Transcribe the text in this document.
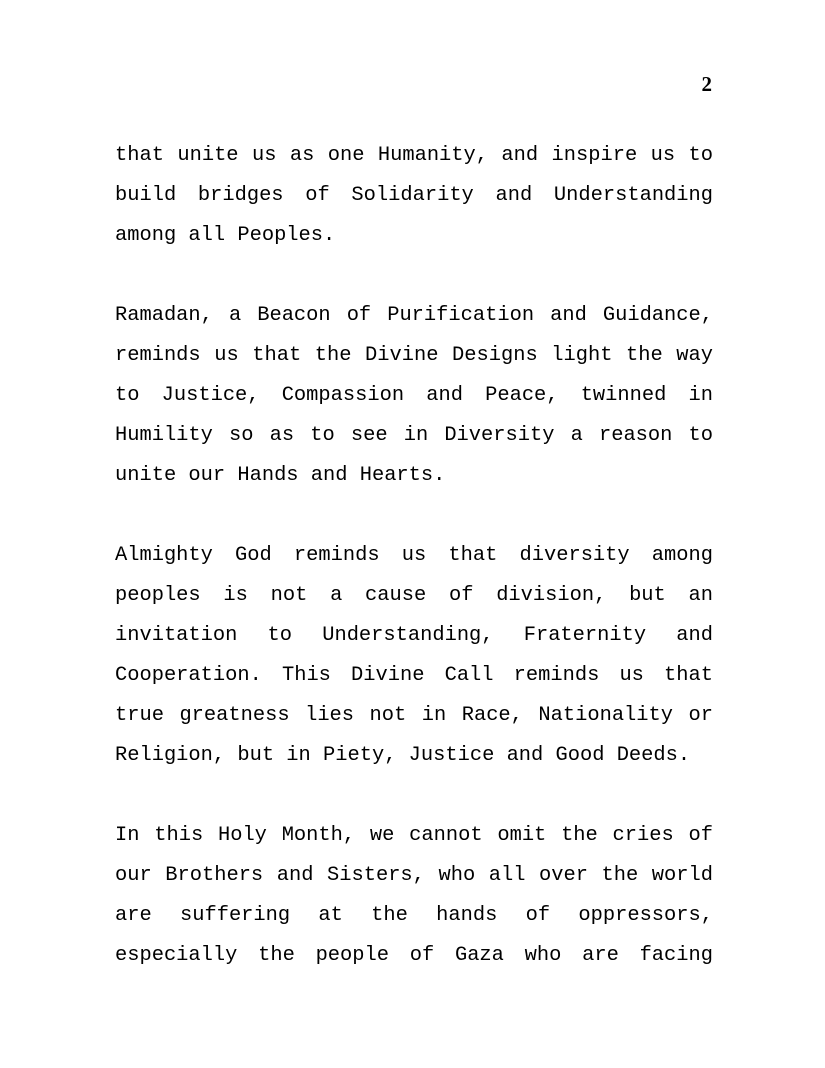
2

that unite us as one Humanity, and inspire us to build bridges of Solidarity and Understanding among all Peoples.

Ramadan, a Beacon of Purification and Guidance, reminds us that the Divine Designs light the way to Justice, Compassion and Peace, twinned in Humility so as to see in Diversity a reason to unite our Hands and Hearts.

Almighty God reminds us that diversity among peoples is not a cause of division, but an invitation to Understanding, Fraternity and Cooperation. This Divine Call reminds us that true greatness lies not in Race, Nationality or Religion, but in Piety, Justice and Good Deeds.

In this Holy Month, we cannot omit the cries of our Brothers and Sisters, who all over the world are suffering at the hands of oppressors, especially the people of Gaza who are facing
